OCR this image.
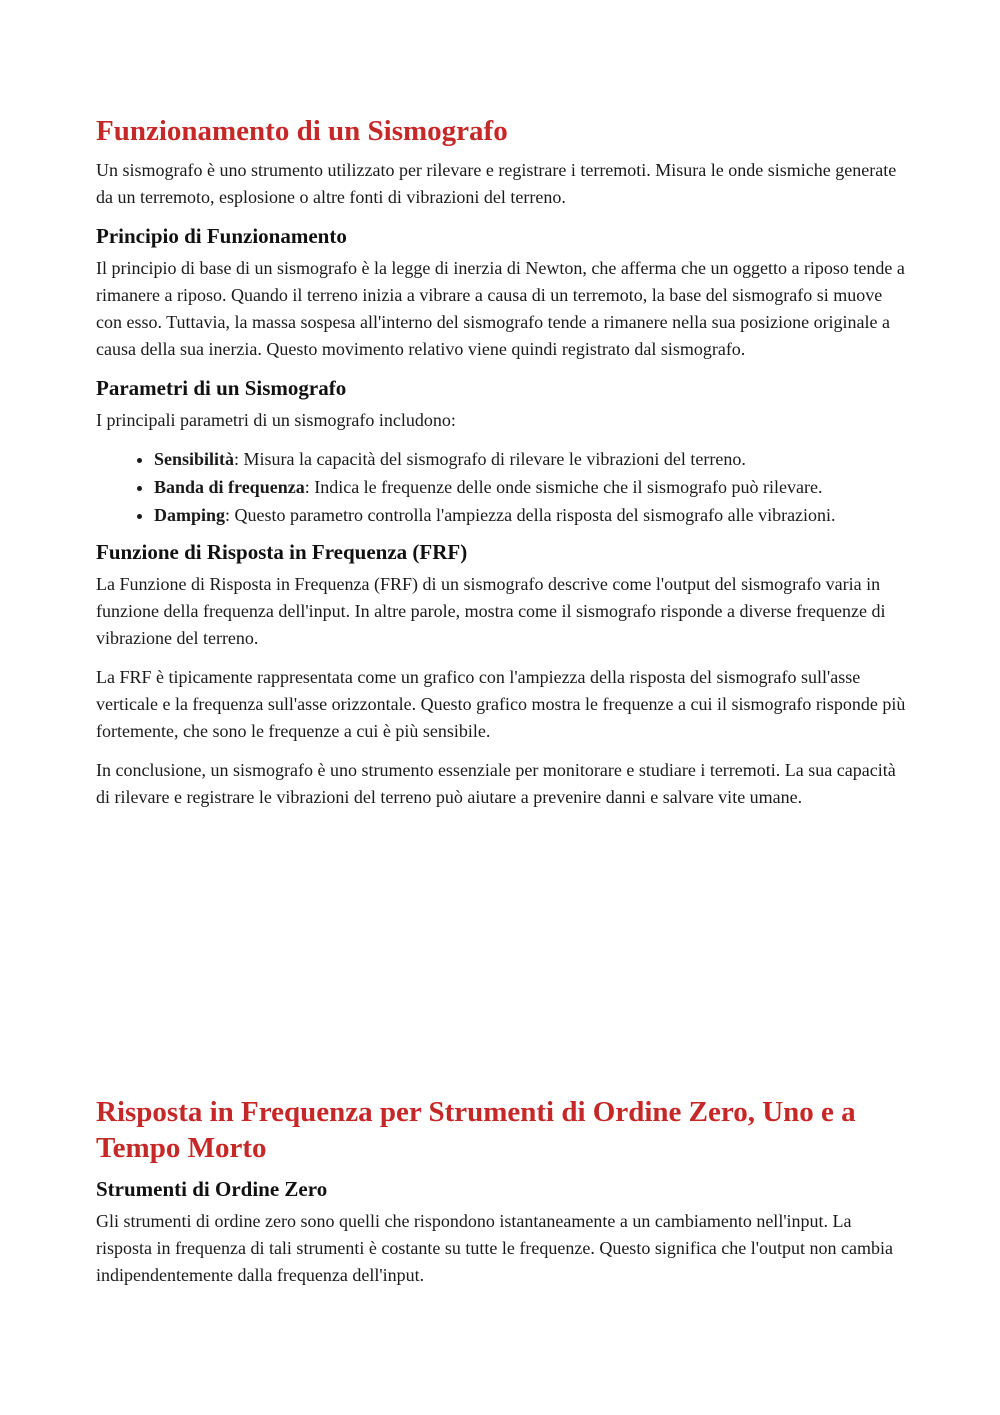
Funzionamento di un Sismografo

Un sismografo è uno strumento utilizzato per rilevare e registrare i terremoti. Misura le onde sismiche generate da un terremoto, esplosione o altre fonti di vibrazioni del terreno.

Principio di Funzionamento

Il principio di base di un sismografo è la legge di inerzia di Newton, che afferma che un oggetto a riposo tende a rimanere a riposo. Quando il terreno inizia a vibrare a causa di un terremoto, la base del sismografo si muove con esso. Tuttavia, la massa sospesa all'interno del sismografo tende a rimanere nella sua posizione originale a causa della sua inerzia. Questo movimento relativo viene quindi registrato dal sismografo.

Parametri di un Sismografo

I principali parametri di un sismografo includono:

• Sensibilità: Misura la capacità del sismografo di rilevare le vibrazioni del terreno.
• Banda di frequenza: Indica le frequenze delle onde sismiche che il sismografo può rilevare.
• Damping: Questo parametro controlla l'ampiezza della risposta del sismografo alle vibrazioni.
Funzione di Risposta in Frequenza (FRF)

La Funzione di Risposta in Frequenza (FRF) di un sismografo descrive come l'output del sismografo varia in funzione della frequenza dell'input. In altre parole, mostra come il sismografo risponde a diverse frequenze di vibrazione del terreno.

La FRF è tipicamente rappresentata come un grafico con l'ampiezza della risposta del sismografo sull'asse verticale e la frequenza sull'asse orizzontale. Questo grafico mostra le frequenze a cui il sismografo risponde più fortemente, che sono le frequenze a cui è più sensibile.

In conclusione, un sismografo è uno strumento essenziale per monitorare e studiare i terremoti. La sua capacità di rilevare e registrare le vibrazioni del terreno può aiutare a prevenire danni e salvare vite umane.

Risposta in Frequenza per Strumenti di Ordine Zero, Uno e a Tempo Morto
Strumenti di Ordine Zero

Gli strumenti di ordine zero sono quelli che rispondono istantaneamente a un cambiamento nell'input. La risposta in frequenza di tali strumenti è costante su tutte le frequenze. Questo significa che l'output non cambia indipendentemente dalla frequenza dell'input.
